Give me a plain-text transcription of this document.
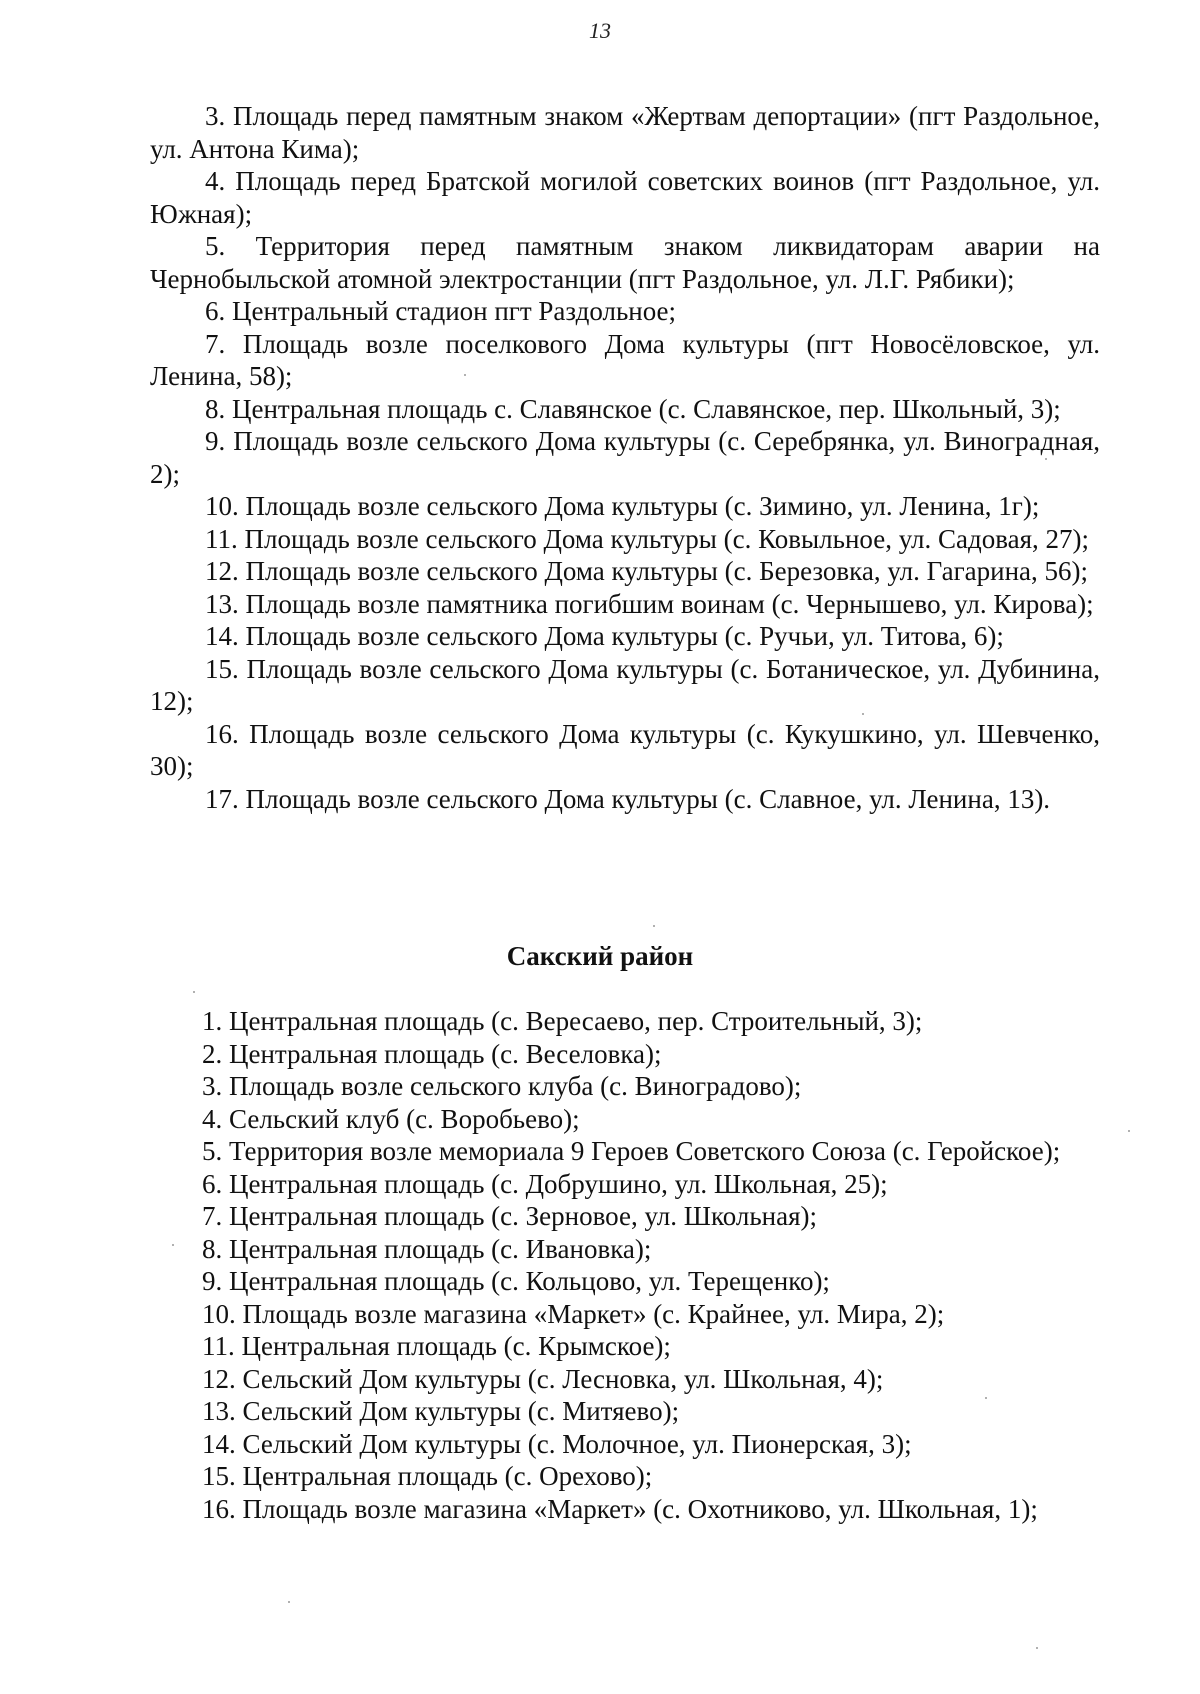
13

3. Площадь перед памятным знаком «Жертвам депортации» (пгт Раздольное, ул. Антона Кима);

4. Площадь перед Братской могилой советских воинов (пгт Раздольное, ул. Южная);

5. Территория перед памятным знаком ликвидаторам аварии на Чернобыльской атомной электростанции (пгт Раздольное, ул. Л.Г. Рябики);

6. Центральный стадион пгт Раздольное;

7. Площадь возле поселкового Дома культуры (пгт Новосёловское, ул. Ленина, 58);

8. Центральная площадь с. Славянское (с. Славянское, пер. Школьный, 3);

9. Площадь возле сельского Дома культуры (с. Серебрянка, ул. Виноградная, 2);

10. Площадь возле сельского Дома культуры (с. Зимино, ул. Ленина, 1г);

11. Площадь возле сельского Дома культуры (с. Ковыльное, ул. Садовая, 27);

12. Площадь возле сельского Дома культуры (с. Березовка, ул. Гагарина, 56);

13. Площадь возле памятника погибшим воинам (с. Чернышево, ул. Кирова);

14. Площадь возле сельского Дома культуры (с. Ручьи, ул. Титова, 6);

15. Площадь возле сельского Дома культуры (с. Ботаническое, ул. Дубинина, 12);

16. Площадь возле сельского Дома культуры (с. Кукушкино, ул. Шевченко, 30);

17. Площадь возле сельского Дома культуры (с. Славное, ул. Ленина, 13).

Сакский район

1. Центральная площадь (с. Вересаево, пер. Строительный, 3);

2. Центральная площадь (с. Веселовка);

3. Площадь возле сельского клуба (с. Виноградово);

4. Сельский клуб (с. Воробьево);

5. Территория возле мемориала 9 Героев Советского Союза (с. Геройское);

6. Центральная площадь (с. Добрушино, ул. Школьная, 25);

7. Центральная площадь (с. Зерновое, ул. Школьная);

8. Центральная площадь (с. Ивановка);

9. Центральная площадь (с. Кольцово, ул. Терещенко);

10. Площадь возле магазина «Маркет» (с. Крайнее, ул. Мира, 2);

11. Центральная площадь (с. Крымское);

12. Сельский Дом культуры (с. Лесновка, ул. Школьная, 4);

13. Сельский Дом культуры (с. Митяево);

14. Сельский Дом культуры (с. Молочное, ул. Пионерская, 3);

15. Центральная площадь (с. Орехово);

16. Площадь возле магазина «Маркет» (с. Охотниково, ул. Школьная, 1);
